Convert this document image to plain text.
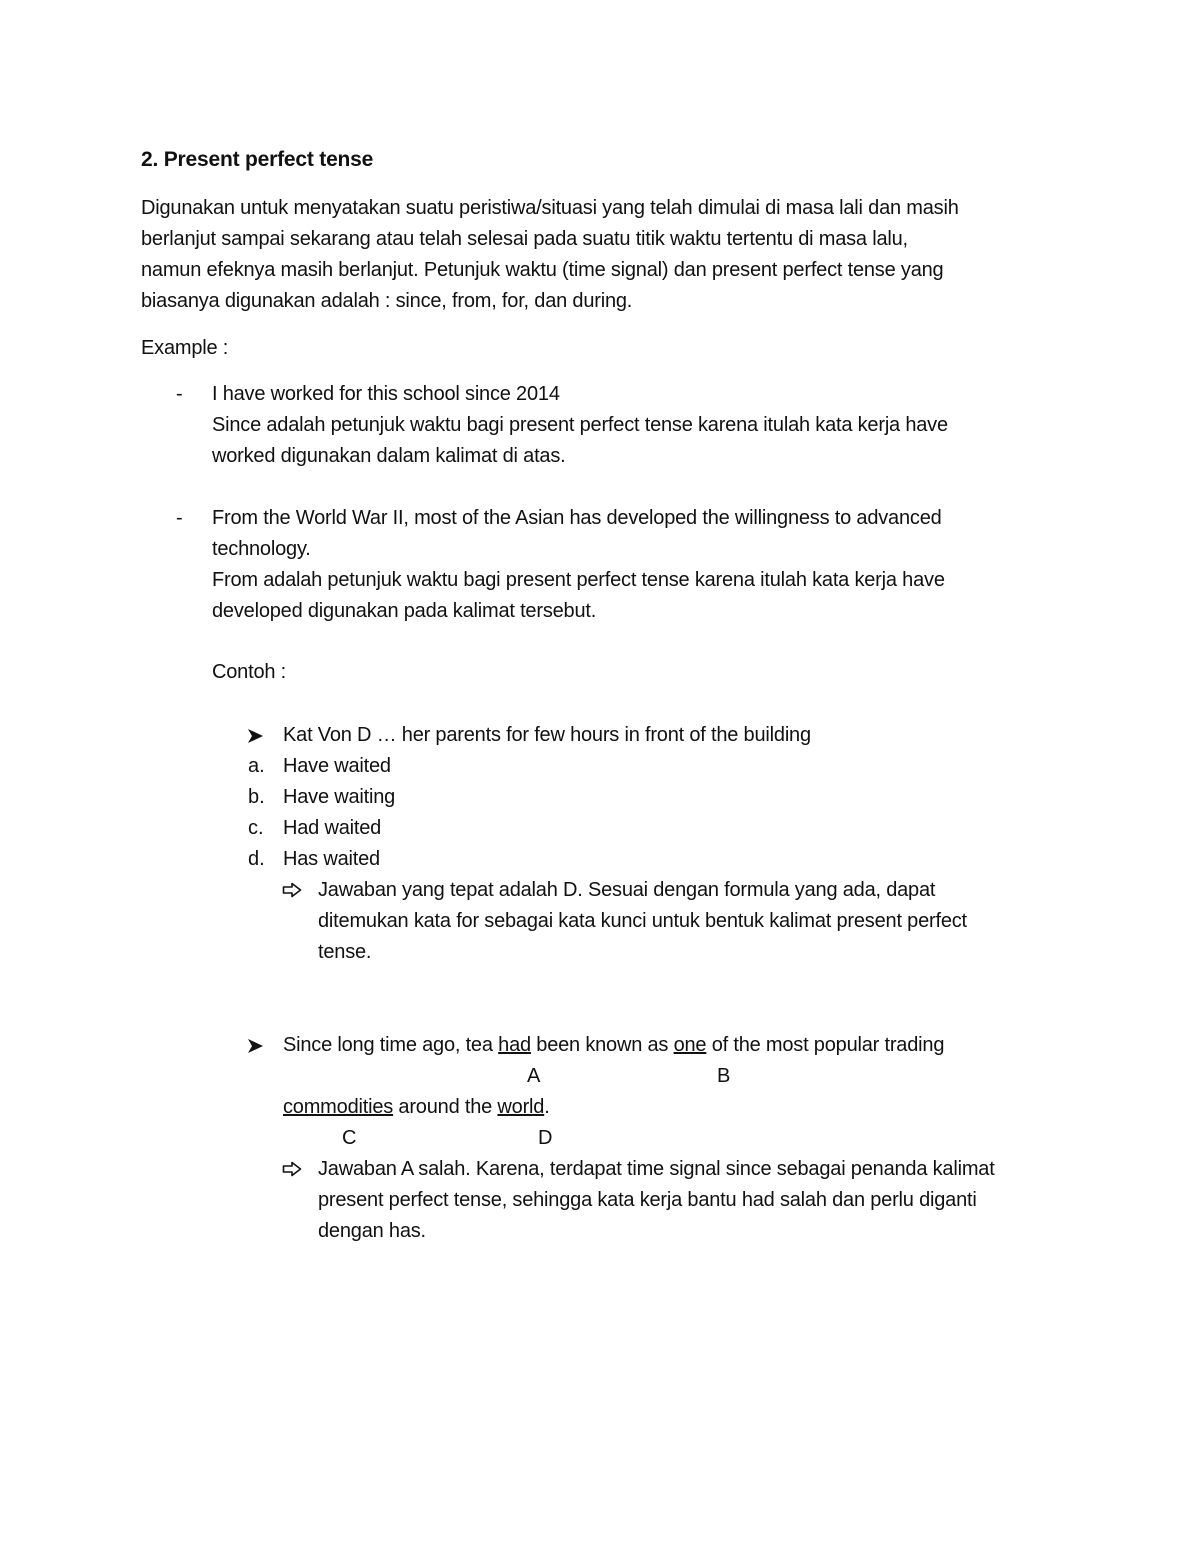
2. Present perfect tense
Digunakan untuk menyatakan suatu peristiwa/situasi yang telah dimulai di masa lali dan masih
berlanjut sampai sekarang atau telah selesai pada suatu titik waktu tertentu di masa lalu,
namun efeknya masih berlanjut. Petunjuk waktu (time signal) dan present perfect tense yang
biasanya digunakan adalah : since, from, for, dan during.
Example :
- I have worked for this school since 2014
Since adalah petunjuk waktu bagi present perfect tense karena itulah kata kerja have
worked digunakan dalam kalimat di atas.
- From the World War II, most of the Asian has developed the willingness to advanced
technology.
From adalah petunjuk waktu bagi present perfect tense karena itulah kata kerja have
developed digunakan pada kalimat tersebut.
Contoh :
Kat Von D … her parents for few hours in front of the building
a. Have waited
b. Have waiting
c. Had waited
d. Has waited
Jawaban yang tepat adalah D. Sesuai dengan formula yang ada, dapat
ditemukan kata for sebagai kata kunci untuk bentuk kalimat present perfect
tense.
Since long time ago, tea had been known as one of the most popular trading
A	B
commodities around the world.
C	D
Jawaban A salah. Karena, terdapat time signal since sebagai penanda kalimat
present perfect tense, sehingga kata kerja bantu had salah dan perlu diganti
dengan has.
